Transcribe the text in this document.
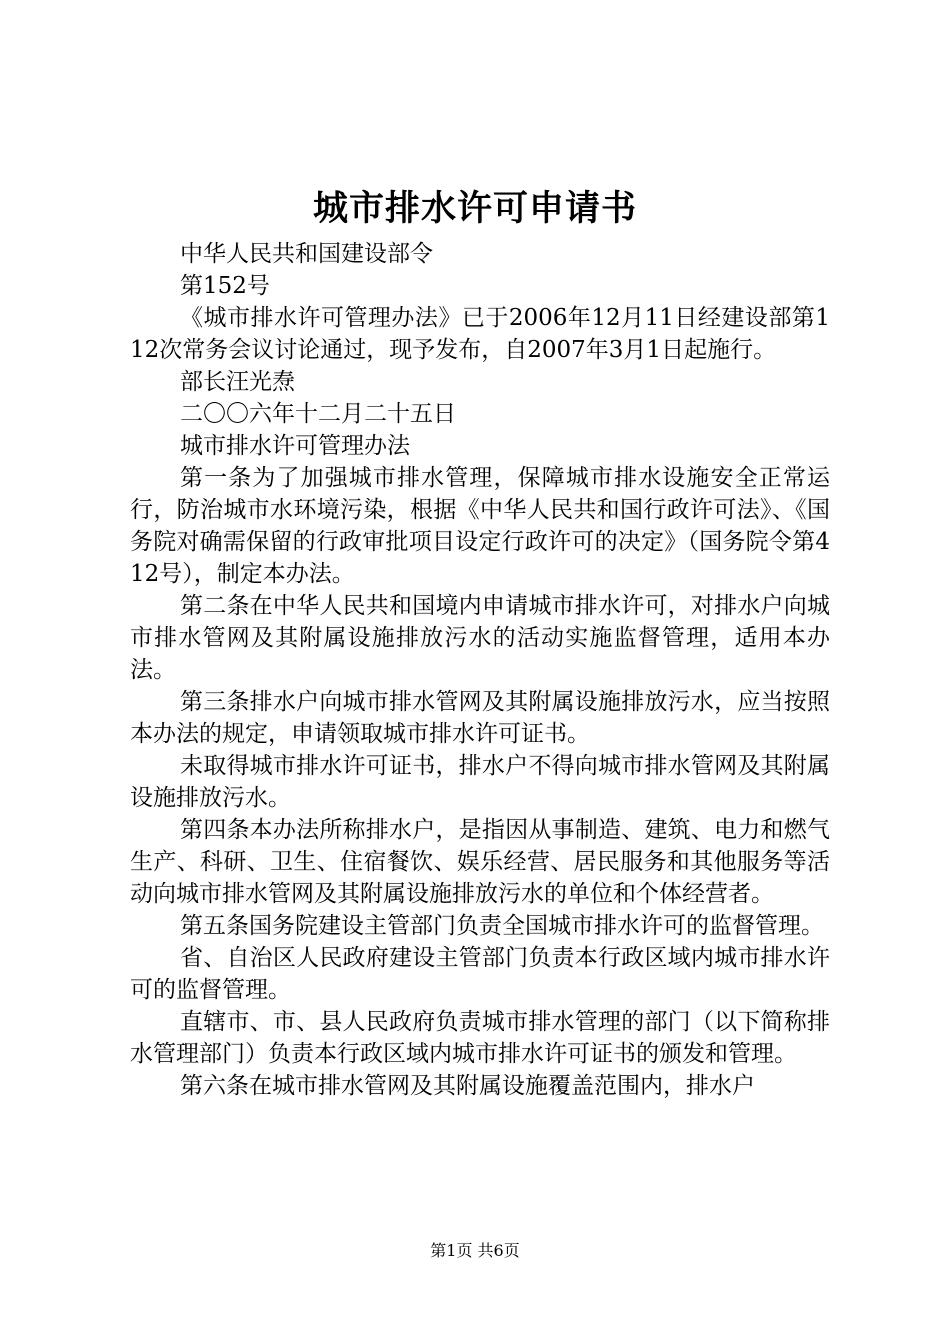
城市排水许可申请书

中华人民共和国建设部令

第152号

《城市排水许可管理办法》已于2006年12月11日经建设部第112次常务会议讨论通过，现予发布，自2007年3月1日起施行。

部长汪光焘

二〇〇六年十二月二十五日

城市排水许可管理办法

第一条为了加强城市排水管理，保障城市排水设施安全正常运行，防治城市水环境污染，根据《中华人民共和国行政许可法》、《国务院对确需保留的行政审批项目设定行政许可的决定》（国务院令第412号），制定本办法。

第二条在中华人民共和国境内申请城市排水许可，对排水户向城市排水管网及其附属设施排放污水的活动实施监督管理，适用本办法。

第三条排水户向城市排水管网及其附属设施排放污水，应当按照本办法的规定，申请领取城市排水许可证书。

未取得城市排水许可证书，排水户不得向城市排水管网及其附属设施排放污水。

第四条本办法所称排水户，是指因从事制造、建筑、电力和燃气生产、科研、卫生、住宿餐饮、娱乐经营、居民服务和其他服务等活动向城市排水管网及其附属设施排放污水的单位和个体经营者。

第五条国务院建设主管部门负责全国城市排水许可的监督管理。

省、自治区人民政府建设主管部门负责本行政区域内城市排水许可的监督管理。

直辖市、市、县人民政府负责城市排水管理的部门（以下简称排水管理部门）负责本行政区域内城市排水许可证书的颁发和管理。

第六条在城市排水管网及其附属设施覆盖范围内，排水户

第1页 共6页
